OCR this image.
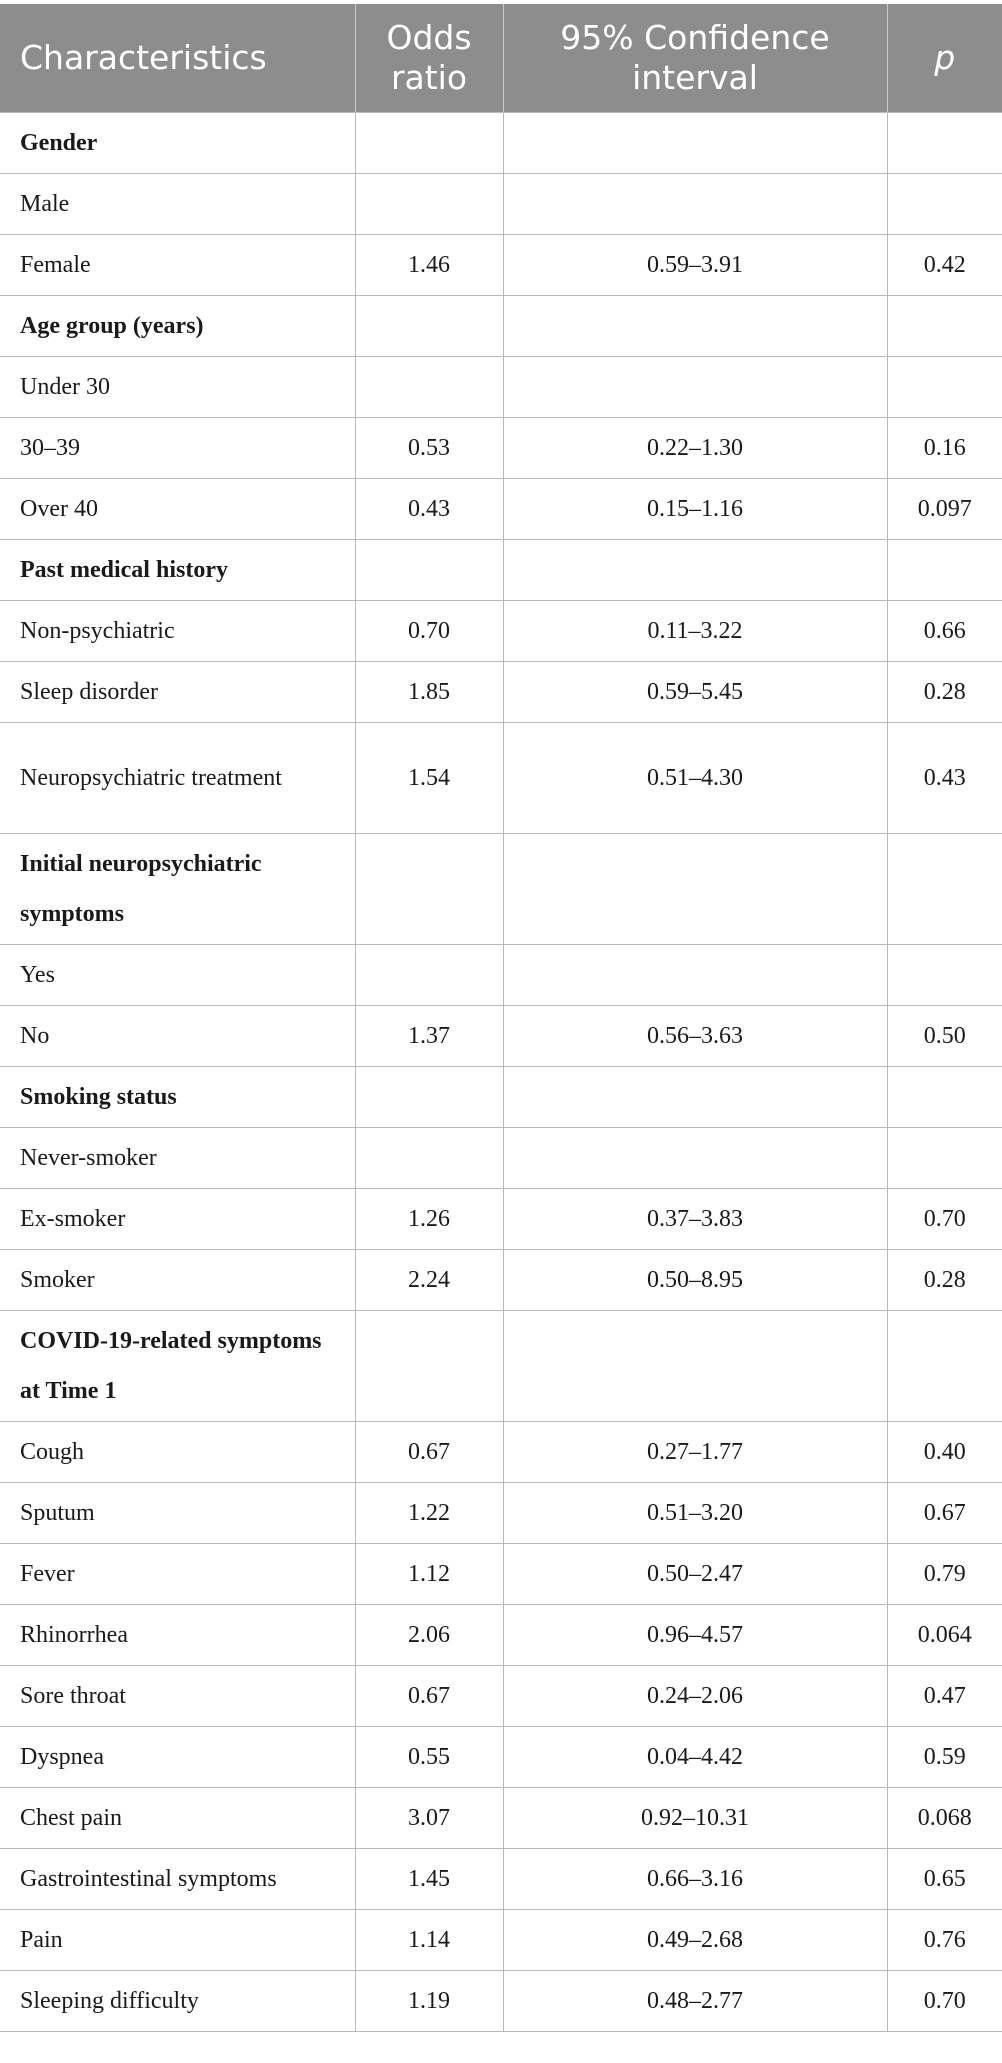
Characteristics	Odds ratio	95% Confidence interval	p
Gender			
Male			
Female	1.46	0.59–3.91	0.42
Age group (years)			
Under 30			
30–39	0.53	0.22–1.30	0.16
Over 40	0.43	0.15–1.16	0.097
Past medical history			
Non-psychiatric	0.70	0.11–3.22	0.66
Sleep disorder	1.85	0.59–5.45	0.28
Neuropsychiatric treatment	1.54	0.51–4.30	0.43
Initial neuropsychiatric symptoms			
Yes			
No	1.37	0.56–3.63	0.50
Smoking status			
Never-smoker			
Ex-smoker	1.26	0.37–3.83	0.70
Smoker	2.24	0.50–8.95	0.28
COVID-19-related symptoms at Time 1			
Cough	0.67	0.27–1.77	0.40
Sputum	1.22	0.51–3.20	0.67
Fever	1.12	0.50–2.47	0.79
Rhinorrhea	2.06	0.96–4.57	0.064
Sore throat	0.67	0.24–2.06	0.47
Dyspnea	0.55	0.04–4.42	0.59
Chest pain	3.07	0.92–10.31	0.068
Gastrointestinal symptoms	1.45	0.66–3.16	0.65
Pain	1.14	0.49–2.68	0.76
Sleeping difficulty	1.19	0.48–2.77	0.70
